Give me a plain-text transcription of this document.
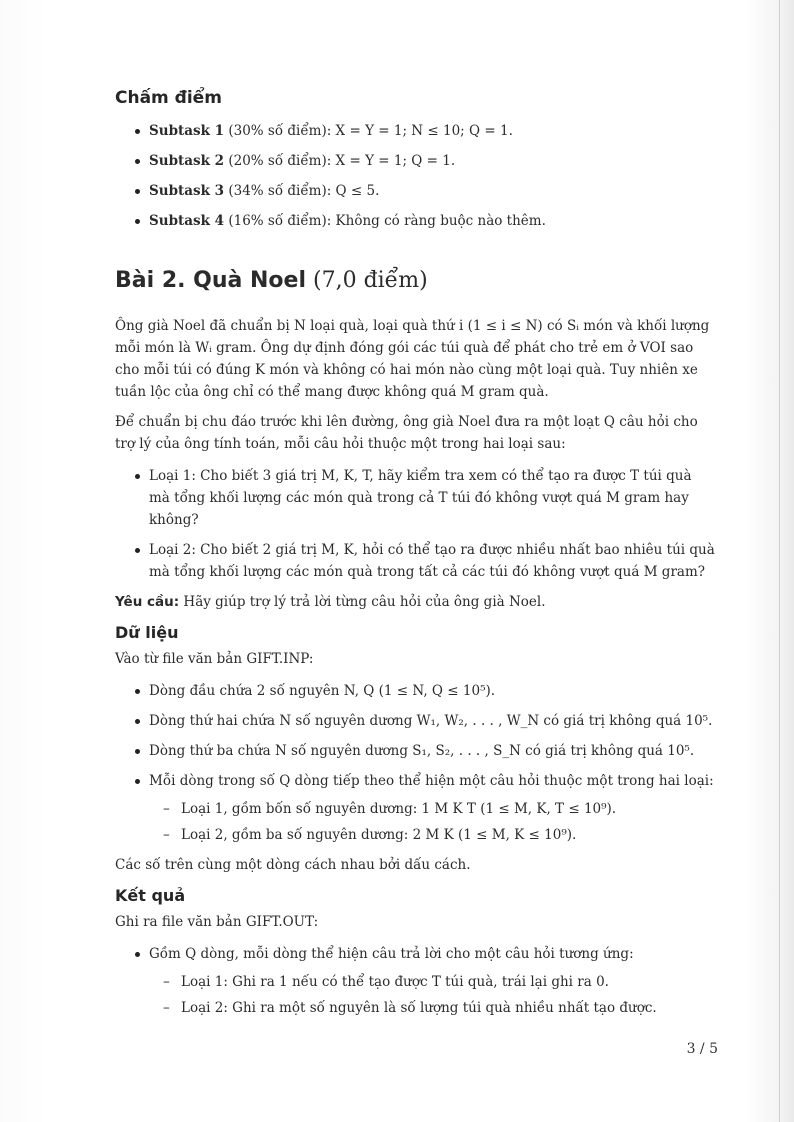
Chấm điểm
Subtask 1 (30% số điểm): X = Y = 1; N ≤ 10; Q = 1.
Subtask 2 (20% số điểm): X = Y = 1; Q = 1.
Subtask 3 (34% số điểm): Q ≤ 5.
Subtask 4 (16% số điểm): Không có ràng buộc nào thêm.
Bài 2. Quà Noel (7,0 điểm)

Ông già Noel đã chuẩn bị N loại quà, loại quà thứ i (1 ≤ i ≤ N) có Sᵢ món và khối lượng mỗi món là Wᵢ gram. Ông dự định đóng gói các túi quà để phát cho trẻ em ở VOI sao cho mỗi túi có đúng K món và không có hai món nào cùng một loại quà. Tuy nhiên xe tuần lộc của ông chỉ có thể mang được không quá M gram quà.

Để chuẩn bị chu đáo trước khi lên đường, ông già Noel đưa ra một loạt Q câu hỏi cho trợ lý của ông tính toán, mỗi câu hỏi thuộc một trong hai loại sau:

Loại 1: Cho biết 3 giá trị M, K, T, hãy kiểm tra xem có thể tạo ra được T túi quà mà tổng khối lượng các món quà trong cả T túi đó không vượt quá M gram hay không?
Loại 2: Cho biết 2 giá trị M, K, hỏi có thể tạo ra được nhiều nhất bao nhiêu túi quà mà tổng khối lượng các món quà trong tất cả các túi đó không vượt quá M gram?

Yêu cầu: Hãy giúp trợ lý trả lời từng câu hỏi của ông già Noel.

Dữ liệu

Vào từ file văn bản GIFT.INP:

Dòng đầu chứa 2 số nguyên N, Q (1 ≤ N, Q ≤ 10⁵).
Dòng thứ hai chứa N số nguyên dương W₁, W₂, . . . , W_N có giá trị không quá 10⁵.
Dòng thứ ba chứa N số nguyên dương S₁, S₂, . . . , S_N có giá trị không quá 10⁵.
Mỗi dòng trong số Q dòng tiếp theo thể hiện một câu hỏi thuộc một trong hai loại:
– Loại 1, gồm bốn số nguyên dương: 1 M K T (1 ≤ M, K, T ≤ 10⁹).
– Loại 2, gồm ba số nguyên dương: 2 M K (1 ≤ M, K ≤ 10⁹).

Các số trên cùng một dòng cách nhau bởi dấu cách.

Kết quả

Ghi ra file văn bản GIFT.OUT:

Gồm Q dòng, mỗi dòng thể hiện câu trả lời cho một câu hỏi tương ứng:
– Loại 1: Ghi ra 1 nếu có thể tạo được T túi quà, trái lại ghi ra 0.
– Loại 2: Ghi ra một số nguyên là số lượng túi quà nhiều nhất tạo được.
3 / 5
